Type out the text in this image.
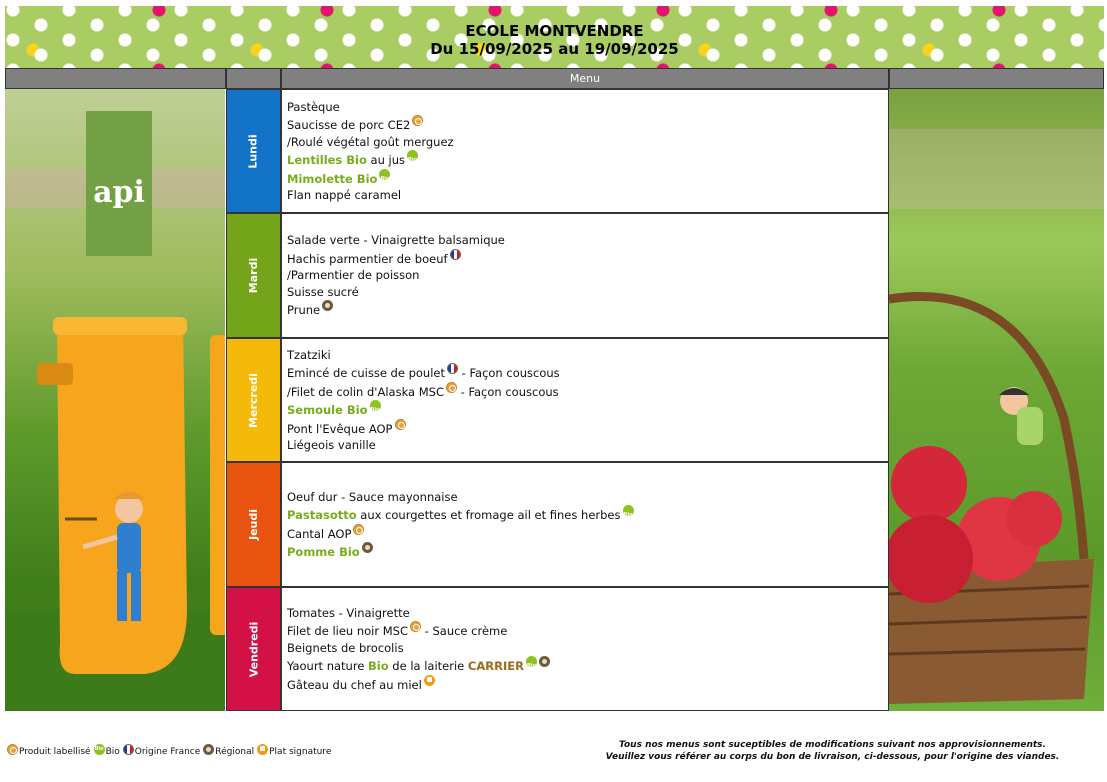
ECOLE MONTVENDRE
Du 15/09/2025 au 19/09/2025
Menu
api
Lundi
Pastèque
Saucisse de porc CE2
/Roulé végétal goût merguez
Lentilles Bio au jusBio
Mimolette BioBio
Flan nappé caramel
Mardi
Salade verte - Vinaigrette balsamique
Hachis parmentier de boeuf
/Parmentier de poisson
Suisse sucré
Prune
Mercredi
Tzatziki
Emincé de cuisse de poulet - Façon couscous
/Filet de colin d'Alaska MSC - Façon couscous
Semoule BioBio
Pont l'Evêque AOP
Liégeois vanille
Jeudi
Oeuf dur - Sauce mayonnaise
Pastasotto aux courgettes et fromage ail et fines herbesBio
Cantal AOP
Pomme Bio
Vendredi
Tomates - Vinaigrette
Filet de lieu noir MSC - Sauce crème
Beignets de brocolis
Yaourt nature Bio de la laiterie CARRIERBio
Gâteau du chef au miel
Produit labelliséBio Bio Origine France Régional Plat signature
Tous nos menus sont suceptibles de modifications suivant nos approvisionnements.
Veuillez vous référer au corps du bon de livraison, ci-dessous, pour l'origine des viandes.
